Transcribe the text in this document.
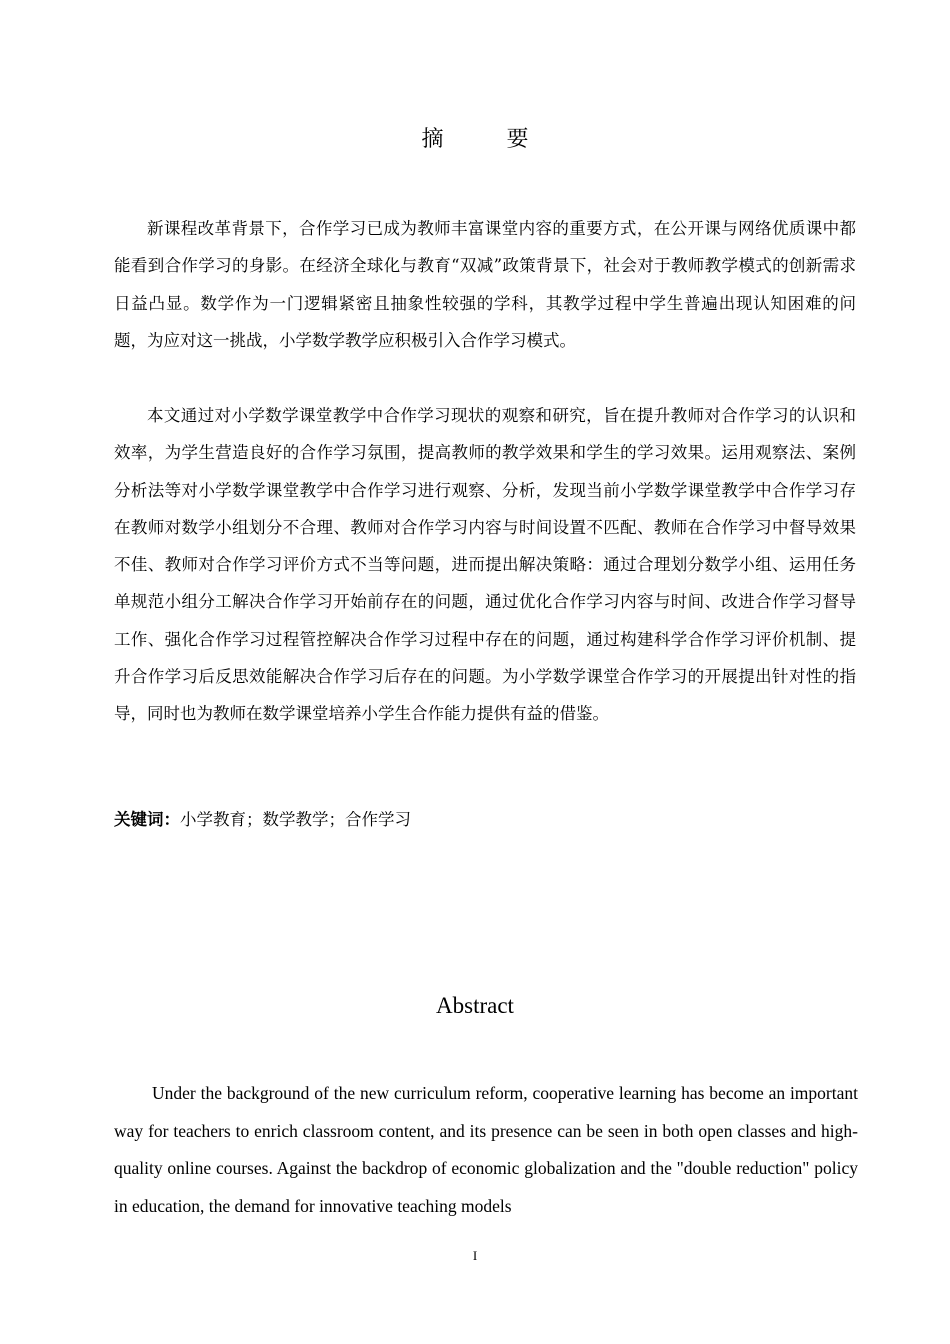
摘 要

新课程改革背景下，合作学习已成为教师丰富课堂内容的重要方式，在公开课与网络优质课中都能看到合作学习的身影。在经济全球化与教育“双减”政策背景下，社会对于教师教学模式的创新需求日益凸显。数学作为一门逻辑紧密且抽象性较强的学科，其教学过程中学生普遍出现认知困难的问题，为应对这一挑战，小学数学教学应积极引入合作学习模式。

本文通过对小学数学课堂教学中合作学习现状的观察和研究，旨在提升教师对合作学习的认识和效率，为学生营造良好的合作学习氛围，提高教师的教学效果和学生的学习效果。运用观察法、案例分析法等对小学数学课堂教学中合作学习进行观察、分析，发现当前小学数学课堂教学中合作学习存在教师对数学小组划分不合理、教师对合作学习内容与时间设置不匹配、教师在合作学习中督导效果不佳、教师对合作学习评价方式不当等问题，进而提出解决策略：通过合理划分数学小组、运用任务单规范小组分工解决合作学习开始前存在的问题，通过优化合作学习内容与时间、改进合作学习督导工作、强化合作学习过程管控解决合作学习过程中存在的问题，通过构建科学合作学习评价机制、提升合作学习后反思效能解决合作学习后存在的问题。为小学数学课堂合作学习的开展提出针对性的指导，同时也为教师在数学课堂培养小学生合作能力提供有益的借鉴。

关键词：小学教育；数学教学；合作学习
Abstract

Under the background of the new curriculum reform, cooperative learning has become an important way for teachers to enrich classroom content, and its presence can be seen in both open classes and high-quality online courses. Against the backdrop of economic globalization and the "double reduction" policy in education, the demand for innovative teaching models

I
